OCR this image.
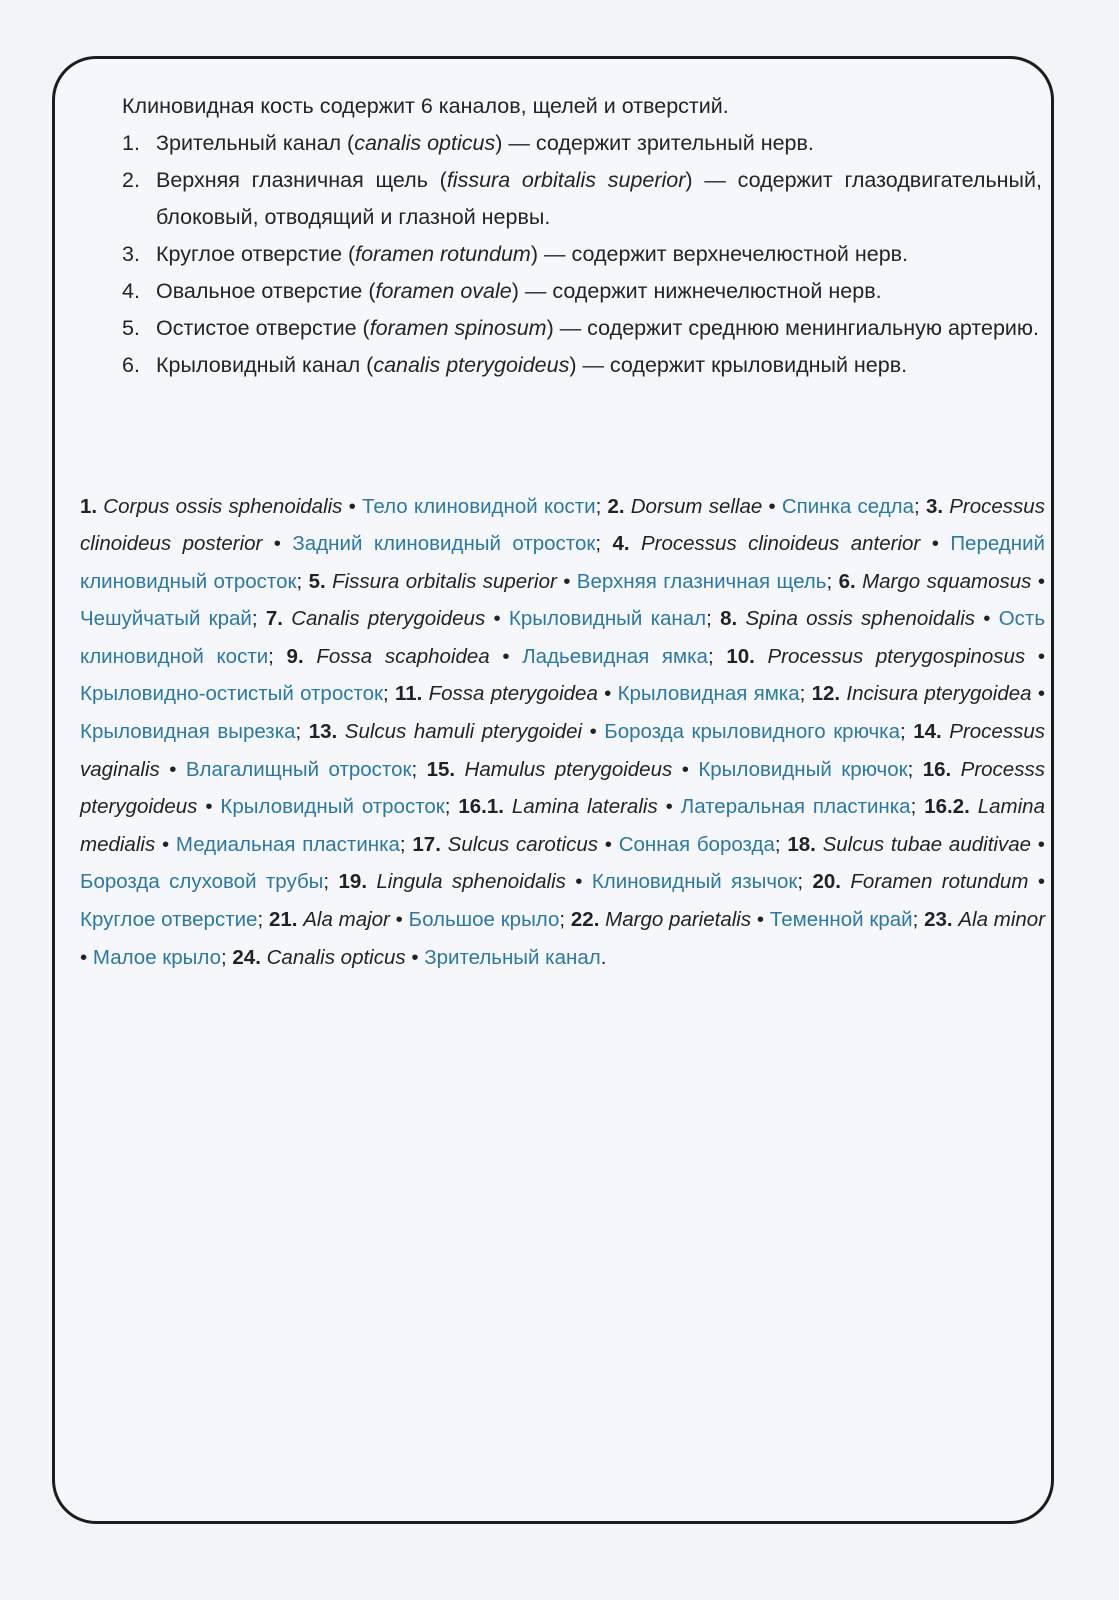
Клиновидная кость содержит 6 каналов, щелей и отверстий.

1. Зрительный канал (canalis opticus) — содержит зрительный нерв.
2. Верхняя глазничная щель (fissura orbitalis superior) — содержит глазодвигательный, блоковый, отводящий и глазной нервы.
3. Круглое отверстие (foramen rotundum) — содержит верхнечелюстной нерв.
4. Овальное отверстие (foramen ovale) — содержит нижнечелюстной нерв.
5. Остистое отверстие (foramen spinosum) — содержит среднюю менингиальную артерию.
6. Крыловидный канал (canalis pterygoideus) — содержит крыловидный нерв.

1. Corpus ossis sphenoidalis • Тело клиновидной кости; 2. Dorsum sellae • Спинка седла; 3. Processus clinoideus posterior • Задний клиновидный отросток; 4. Processus clinoideus anterior • Передний клиновидный отросток; 5. Fissura orbitalis superior • Верхняя глазничная щель; 6. Margo squamosus • Чешуйчатый край; 7. Canalis pterygoideus • Крыловидный канал; 8. Spina ossis sphenoidalis • Ость клиновидной кости; 9. Fossa scaphoidea • Ладьевидная ямка; 10. Processus pterygospinosus • Крыловидно-остистый отросток; 11. Fossa pterygoidea • Крыловидная ямка; 12. Incisura pterygoidea • Крыловидная вырезка; 13. Sulcus hamuli pterygoidei • Борозда крыловидного крючка; 14. Processus vaginalis • Влагалищный отросток; 15. Hamulus pterygoideus • Крыловидный крючок; 16. Processs pterygoideus • Крыловидный отросток; 16.1. Lamina lateralis • Латеральная пластинка; 16.2. Lamina medialis • Медиальная пластинка; 17. Sulcus caroticus • Сонная борозда; 18. Sulcus tubae auditivae • Борозда слуховой трубы; 19. Lingula sphenoidalis • Клиновидный язычок; 20. Foramen rotundum • Круглое отверстие; 21. Ala major • Большое крыло; 22. Margo parietalis • Теменной край; 23. Ala minor • Малое крыло; 24. Canalis opticus • Зрительный канал.
